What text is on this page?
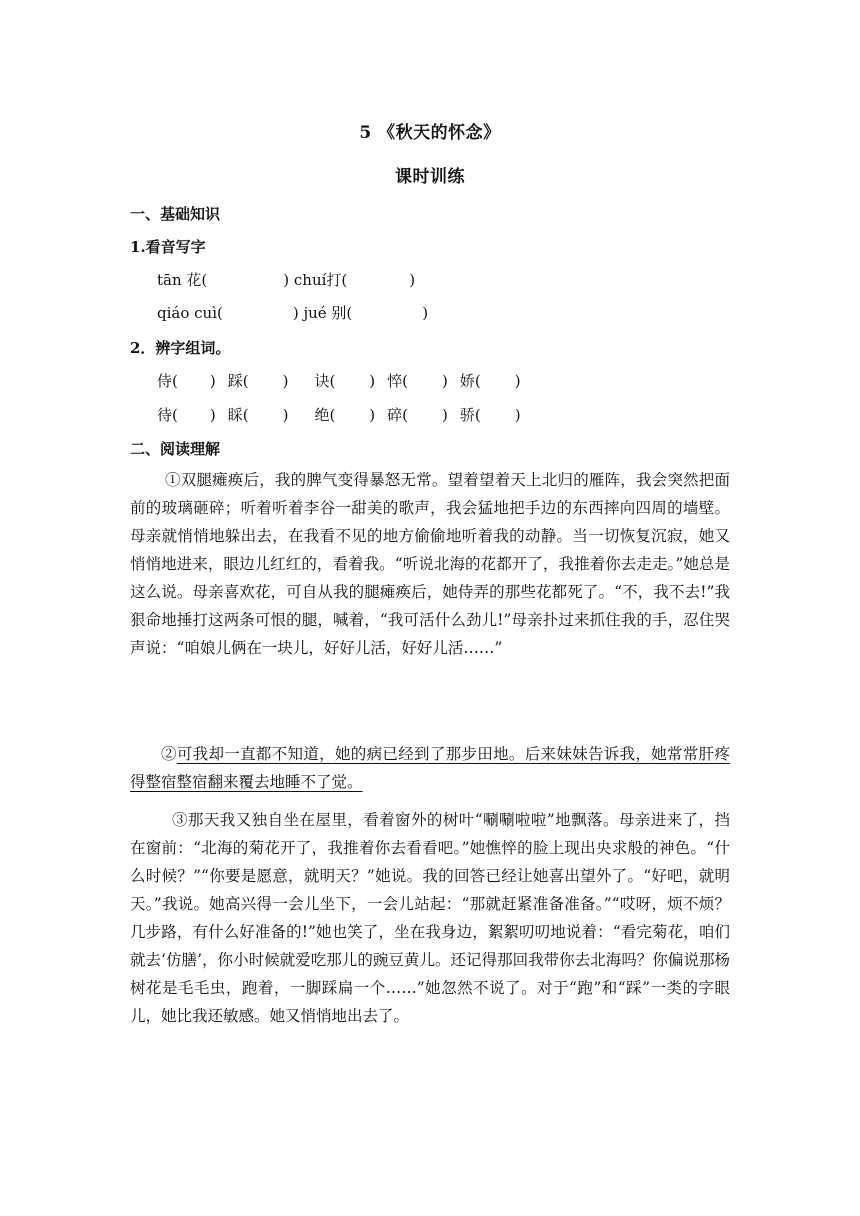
5 《秋天的怀念》
课时训练
一、基础知识
1.看音写字
tān 花(	) chuí打(	)
qiáo cuì(	) jué 别(	)
2．辨字组词。
侍( ) 踩( ) 诀( ) 悴( ) 娇( )
待( ) 睬( ) 绝( ) 碎( ) 骄( )
二、阅读理解
①双腿瘫痪后，我的脾气变得暴怒无常。望着望着天上北归的雁阵，我会突然把面前的玻璃砸碎；听着听着李谷一甜美的歌声，我会猛地把手边的东西摔向四周的墙壁。母亲就悄悄地躲出去，在我看不见的地方偷偷地听着我的动静。当一切恢复沉寂，她又悄悄地进来，眼边儿红红的，看着我。“听说北海的花都开了，我推着你去走走。”她总是这么说。母亲喜欢花，可自从我的腿瘫痪后，她侍弄的那些花都死了。“不，我不去!”我狠命地捶打这两条可恨的腿，喊着，“我可活什么劲儿!”母亲扑过来抓住我的手，忍住哭声说：“咱娘儿俩在一块儿，好好儿活，好好儿活……”
②可我却一直都不知道，她的病已经到了那步田地。后来妹妹告诉我，她常常肝疼得整宿整宿翻来覆去地睡不了觉。
③那天我又独自坐在屋里，看着窗外的树叶“唰唰啦啦”地飘落。母亲进来了，挡在窗前：“北海的菊花开了，我推着你去看看吧。”她憔悴的脸上现出央求般的神色。“什么时候？”“你要是愿意，就明天？”她说。我的回答已经让她喜出望外了。“好吧，就明天。”我说。她高兴得一会儿坐下，一会儿站起：“那就赶紧准备准备。”“哎呀，烦不烦？几步路，有什么好准备的!”她也笑了，坐在我身边，絮絮叨叨地说着：“看完菊花，咱们就去‘仿膳’，你小时候就爱吃那儿的豌豆黄儿。还记得那回我带你去北海吗？你偏说那杨树花是毛毛虫，跑着，一脚踩扁一个……”她忽然不说了。对于“跑”和“踩”一类的字眼儿，她比我还敏感。她又悄悄地出去了。
